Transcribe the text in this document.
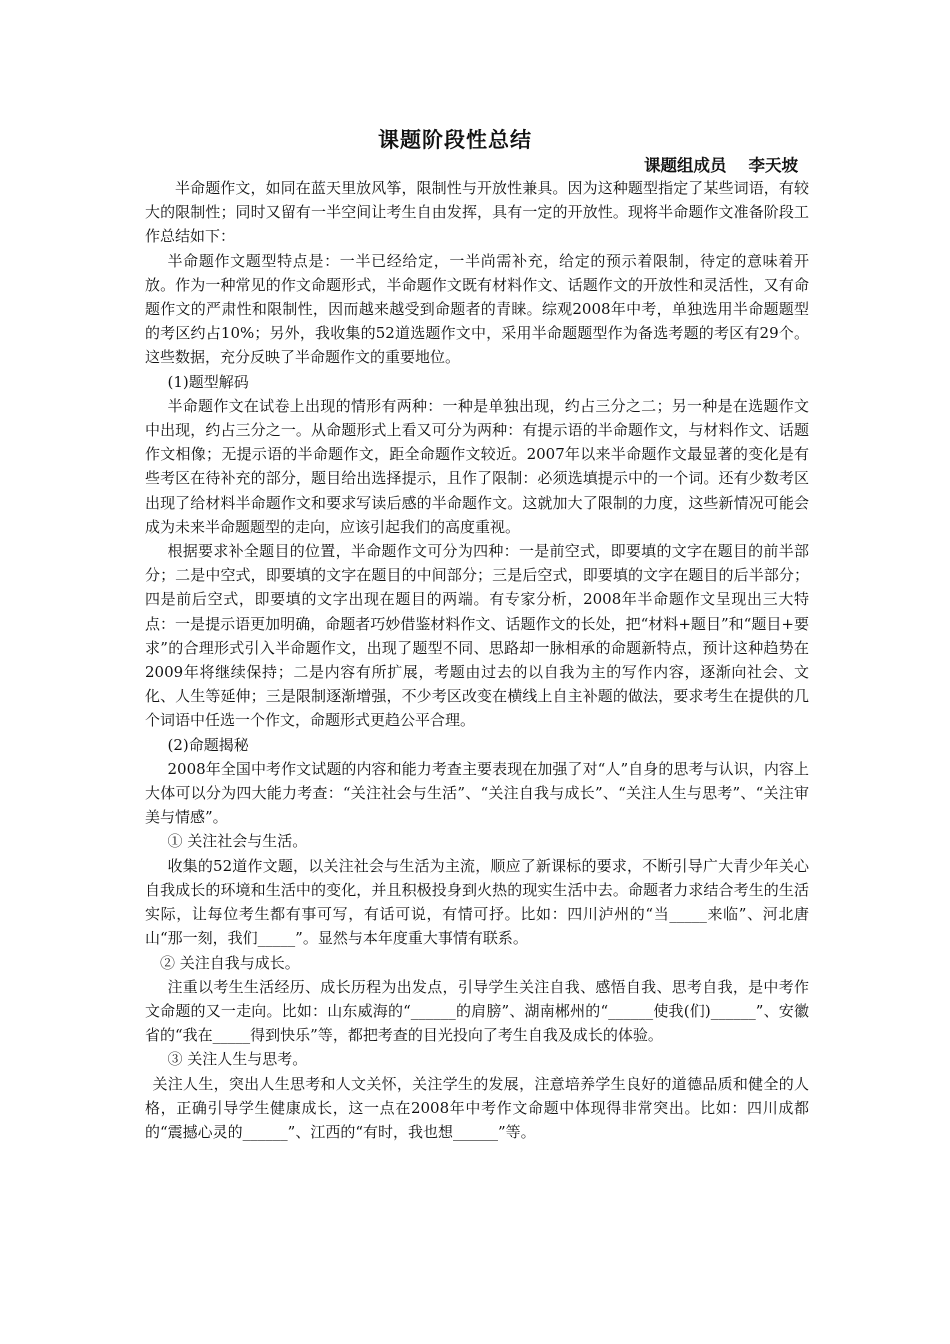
课题阶段性总结
课题组成员 李天坡

半命题作文，如同在蓝天里放风筝，限制性与开放性兼具。因为这种题型指定了某些词语，有较大的限制性；同时又留有一半空间让考生自由发挥，具有一定的开放性。现将半命题作文准备阶段工作总结如下：

半命题作文题型特点是：一半已经给定，一半尚需补充，给定的预示着限制，待定的意味着开放。作为一种常见的作文命题形式，半命题作文既有材料作文、话题作文的开放性和灵活性，又有命题作文的严肃性和限制性，因而越来越受到命题者的青睐。综观2008年中考，单独选用半命题题型的考区约占10%；另外，我收集的52道选题作文中，采用半命题题型作为备选考题的考区有29个。这些数据，充分反映了半命题作文的重要地位。

(1)题型解码

半命题作文在试卷上出现的情形有两种：一种是单独出现，约占三分之二；另一种是在选题作文中出现，约占三分之一。从命题形式上看又可分为两种：有提示语的半命题作文，与材料作文、话题作文相像；无提示语的半命题作文，距全命题作文较近。2007年以来半命题作文最显著的变化是有些考区在待补充的部分，题目给出选择提示，且作了限制：必须选填提示中的一个词。还有少数考区出现了给材料半命题作文和要求写读后感的半命题作文。这就加大了限制的力度，这些新情况可能会成为未来半命题题型的走向，应该引起我们的高度重视。

根据要求补全题目的位置，半命题作文可分为四种：一是前空式，即要填的文字在题目的前半部分；二是中空式，即要填的文字在题目的中间部分；三是后空式，即要填的文字在题目的后半部分；四是前后空式，即要填的文字出现在题目的两端。有专家分析，2008年半命题作文呈现出三大特点：一是提示语更加明确，命题者巧妙借鉴材料作文、话题作文的长处，把“材料+题目”和“题目+要求”的合理形式引入半命题作文，出现了题型不同、思路却一脉相承的命题新特点，预计这种趋势在2009年将继续保持；二是内容有所扩展，考题由过去的以自我为主的写作内容，逐渐向社会、文化、人生等延伸；三是限制逐渐增强，不少考区改变在横线上自主补题的做法，要求考生在提供的几个词语中任选一个作文，命题形式更趋公平合理。

(2)命题揭秘

2008年全国中考作文试题的内容和能力考查主要表现在加强了对“人”自身的思考与认识，内容上大体可以分为四大能力考查：“关注社会与生活”、“关注自我与成长”、“关注人生与思考”、“关注审美与情感”。

① 关注社会与生活。

收集的52道作文题，以关注社会与生活为主流，顺应了新课标的要求，不断引导广大青少年关心自我成长的环境和生活中的变化，并且积极投身到火热的现实生活中去。命题者力求结合考生的生活实际，让每位考生都有事可写，有话可说，有情可抒。比如：四川泸州的“当_____来临”、河北唐山“那一刻，我们_____”。显然与本年度重大事情有联系。

② 关注自我与成长。

注重以考生生活经历、成长历程为出发点，引导学生关注自我、感悟自我、思考自我，是中考作文命题的又一走向。比如：山东威海的“______的肩膀”、湖南郴州的“______使我(们)______”、安徽省的“我在_____得到快乐”等，都把考查的目光投向了考生自我及成长的体验。

③ 关注人生与思考。

关注人生，突出人生思考和人文关怀，关注学生的发展，注意培养学生良好的道德品质和健全的人格，正确引导学生健康成长，这一点在2008年中考作文命题中体现得非常突出。比如：四川成都的“震撼心灵的______”、江西的“有时，我也想______”等。
